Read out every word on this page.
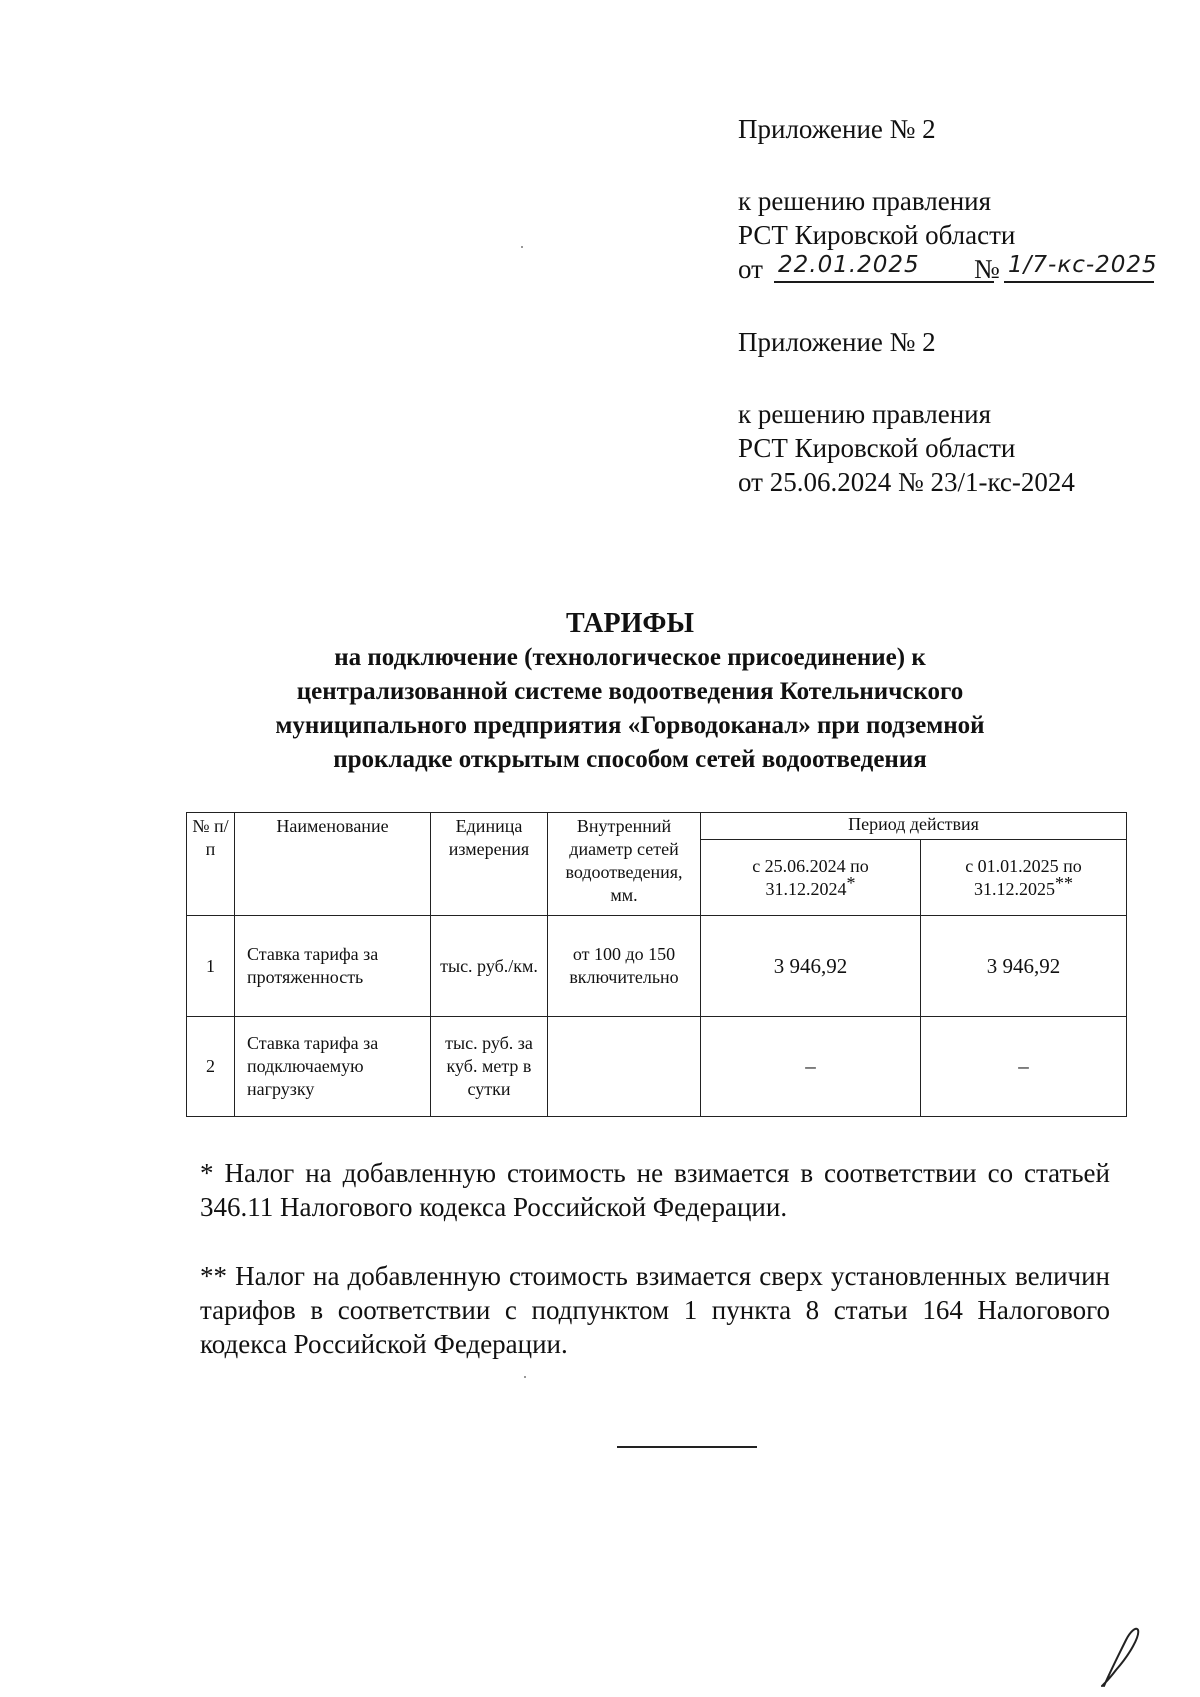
Приложение № 2
к решению правления
РСТ Кировской области
от 22.01.2025 № 1/7-кс-2025
Приложение № 2
к решению правления
РСТ Кировской области
от 25.06.2024 № 23/1-кс-2024
ТАРИФЫ
на подключение (технологическое присоединение) к
централизованной системе водоотведения Котельничского
муниципального предприятия «Горводоканал» при подземной
прокладке открытым способом сетей водоотведения
№ п/п	Наименование	Единица измерения	Внутренний диаметр сетей водоотведения, мм.	Период действия	
				с 25.06.2024 по 31.12.2024*	с 01.01.2025 по 31.12.2025**
1	Ставка тарифа за протяженность	тыс. руб./км.	от 100 до 150 включительно	3 946,92	3 946,92
2	Ставка тарифа за подключаемую нагрузку	тыс. руб. за куб. метр в сутки		–	–
* Налог на добавленную стоимость не взимается в соответствии со статьей 346.11 Налогового кодекса Российской Федерации.
** Налог на добавленную стоимость взимается сверх установленных величин тарифов в соответствии с подпунктом 1 пункта 8 статьи 164 Налогового кодекса Российской Федерации.
